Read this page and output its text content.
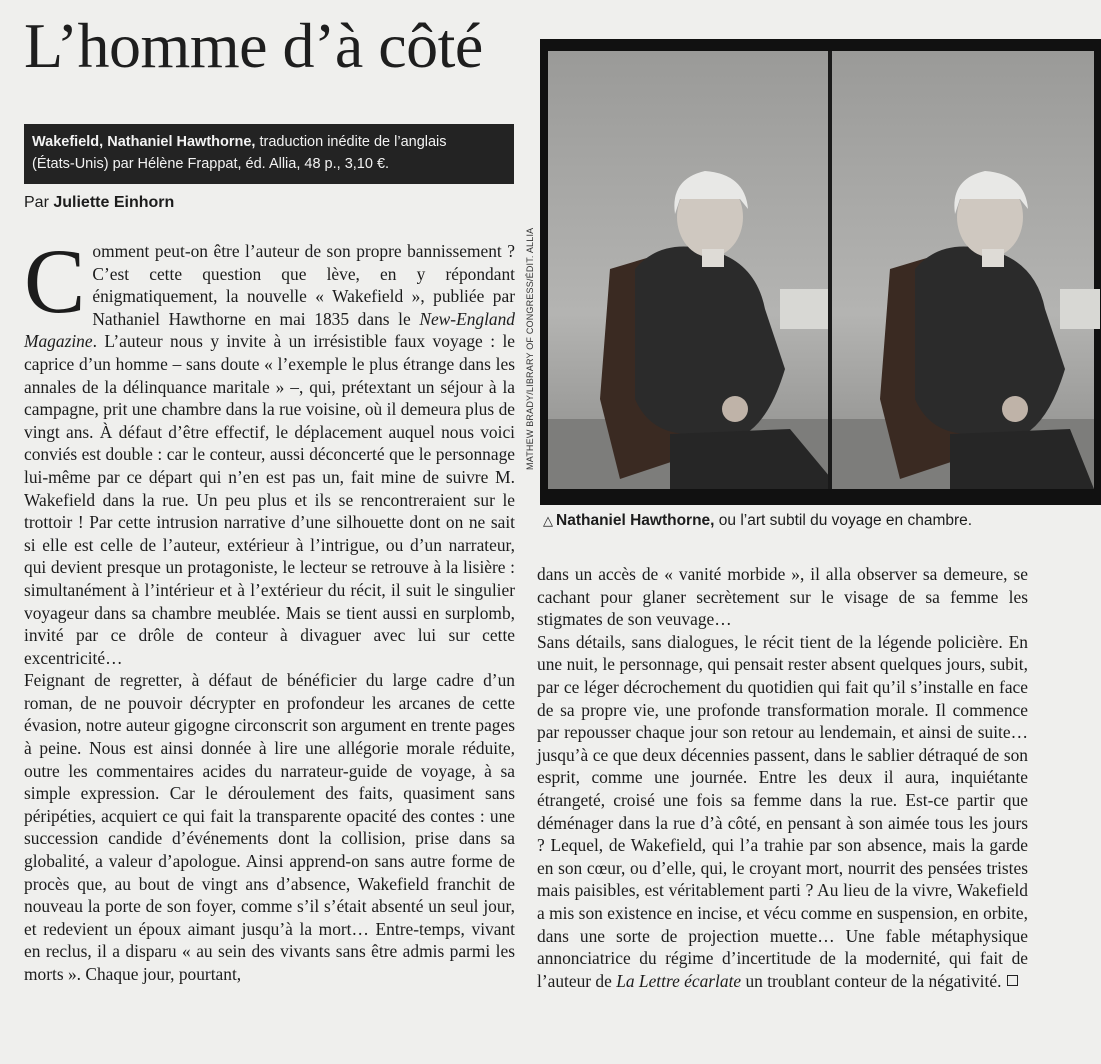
L’homme d’à côté
Wakefield, Nathaniel Hawthorne, traduction inédite de l’anglais
(États-Unis) par Hélène Frappat, éd. Allia, 48 p., 3,10 €.
Par Juliette Einhorn

Comment peut-on être l’auteur de son propre bannissement ? C’est cette question que lève, en y répondant énigmatiquement, la nouvelle « Wakefield », publiée par Nathaniel Hawthorne en mai 1835 dans le New-England Magazine. L’auteur nous y invite à un irrésistible faux voyage : le caprice d’un homme – sans doute « l’exemple le plus étrange dans les annales de la délinquance maritale » –, qui, prétextant un séjour à la campagne, prit une chambre dans la rue voisine, où il demeura plus de vingt ans. À défaut d’être effectif, le déplacement auquel nous voici conviés est double : car le conteur, aussi déconcerté que le personnage lui-même par ce départ qui n’en est pas un, fait mine de suivre M. Wakefield dans la rue. Un peu plus et ils se rencontreraient sur le trottoir ! Par cette intrusion narrative d’une silhouette dont on ne sait si elle est celle de l’auteur, extérieur à l’intrigue, ou d’un narrateur, qui devient presque un protagoniste, le lecteur se retrouve à la lisière : simultanément à l’intérieur et à l’extérieur du récit, il suit le singulier voyageur dans sa chambre meublée. Mais se tient aussi en surplomb, invité par ce drôle de conteur à divaguer avec lui sur cette excentricité…

Feignant de regretter, à défaut de bénéficier du large cadre d’un roman, de ne pouvoir décrypter en profondeur les arcanes de cette évasion, notre auteur gigogne circonscrit son argument en trente pages à peine. Nous est ainsi donnée à lire une allégorie morale réduite, outre les commentaires acides du narrateur-guide de voyage, à sa simple expression. Car le déroulement des faits, quasiment sans péripéties, acquiert ce qui fait la transparente opacité des contes : une succession candide d’événements dont la collision, prise dans sa globalité, a valeur d’apologue. Ainsi apprend-on sans autre forme de procès que, au bout de vingt ans d’absence, Wakefield franchit de nouveau la porte de son foyer, comme s’il s’était absenté un seul jour, et redevient un époux aimant jusqu’à la mort… Entre-temps, vivant en reclus, il a disparu « au sein des vivants sans être admis parmi les morts ». Chaque jour, pourtant,

MATHEW BRADY/LIBRARY OF CONGRESS/ÉDIT. ALLIA
△ Nathaniel Hawthorne, ou l’art subtil du voyage en chambre.

dans un accès de « vanité morbide », il alla observer sa demeure, se cachant pour glaner secrètement sur le visage de sa femme les stigmates de son veuvage…

Sans détails, sans dialogues, le récit tient de la légende policière. En une nuit, le personnage, qui pensait rester absent quelques jours, subit, par ce léger décrochement du quotidien qui fait qu’il s’installe en face de sa propre vie, une profonde transformation morale. Il commence par repousser chaque jour son retour au lendemain, et ainsi de suite… jusqu’à ce que deux décennies passent, dans le sablier détraqué de son esprit, comme une journée. Entre les deux il aura, inquiétante étrangeté, croisé une fois sa femme dans la rue. Est-ce partir que déménager dans la rue d’à côté, en pensant à son aimée tous les jours ? Lequel, de Wakefield, qui l’a trahie par son absence, mais la garde en son cœur, ou d’elle, qui, le croyant mort, nourrit des pensées tristes mais paisibles, est véritablement parti ? Au lieu de la vivre, Wakefield a mis son existence en incise, et vécu comme en suspension, en orbite, dans une sorte de projection muette… Une fable métaphysique annonciatrice du régime d’incertitude de la modernité, qui fait de l’auteur de La Lettre écarlate un troublant conteur de la négativité.
